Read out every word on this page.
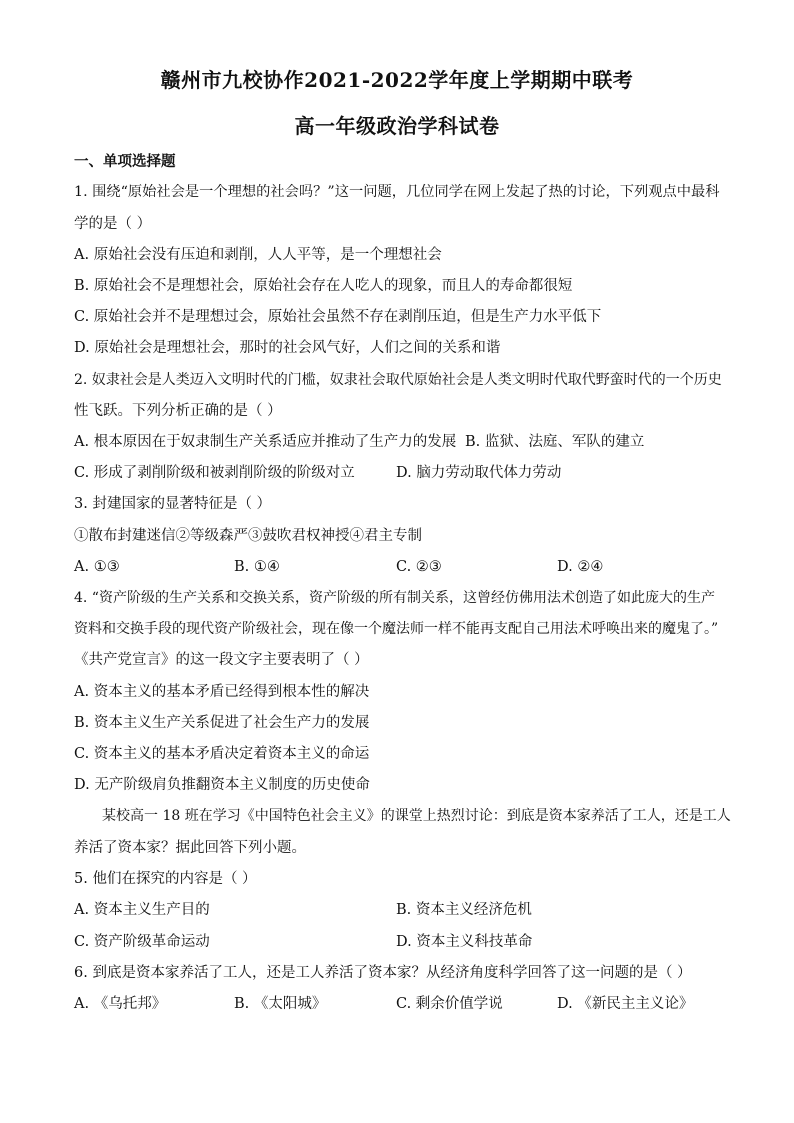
赣州市九校协作2021-2022学年度上学期期中联考
高一年级政治学科试卷
一、单项选择题
1. 围绕“原始社会是一个理想的社会吗？”这一问题，几位同学在网上发起了热的讨论，下列观点中最科
学的是（ ）
A. 原始社会没有压迫和剥削，人人平等，是一个理想社会
B. 原始社会不是理想社会，原始社会存在人吃人的现象，而且人的寿命都很短
C. 原始社会并不是理想过会，原始社会虽然不存在剥削压迫，但是生产力水平低下
D. 原始社会是理想社会，那时的社会风气好，人们之间的关系和谐
2. 奴隶社会是人类迈入文明时代的门槛，奴隶社会取代原始社会是人类文明时代取代野蛮时代的一个历史
性飞跃。下列分析正确的是（ ）
A. 根本原因在于奴隶制生产关系适应并推动了生产力的发展 B. 监狱、法庭、军队的建立
C. 形成了剥削阶级和被剥削阶级的阶级对立	D. 脑力劳动取代体力劳动
3. 封建国家的显著特征是（ ）
①散布封建迷信②等级森严③鼓吹君权神授④君主专制
A. ①③	B. ①④	C. ②③	D. ②④
4. “资产阶级的生产关系和交换关系，资产阶级的所有制关系，这曾经仿佛用法术创造了如此庞大的生产
资料和交换手段的现代资产阶级社会，现在像一个魔法师一样不能再支配自己用法术呼唤出来的魔鬼了。”
《共产党宣言》的这一段文字主要表明了（ ）
A. 资本主义的基本矛盾已经得到根本性的解决
B. 资本主义生产关系促进了社会生产力的发展
C. 资本主义的基本矛盾决定着资本主义的命运
D. 无产阶级肩负推翻资本主义制度的历史使命
某校高一 18 班在学习《中国特色社会主义》的课堂上热烈讨论：到底是资本家养活了工人，还是工人
养活了资本家？据此回答下列小题。
5. 他们在探究的内容是（ ）
A. 资本主义生产目的	B. 资本主义经济危机
C. 资产阶级革命运动	D. 资本主义科技革命
6. 到底是资本家养活了工人，还是工人养活了资本家？从经济角度科学回答了这一问题的是（ ）
A. 《乌托邦》	B. 《太阳城》	C. 剩余价值学说	D. 《新民主主义论》
